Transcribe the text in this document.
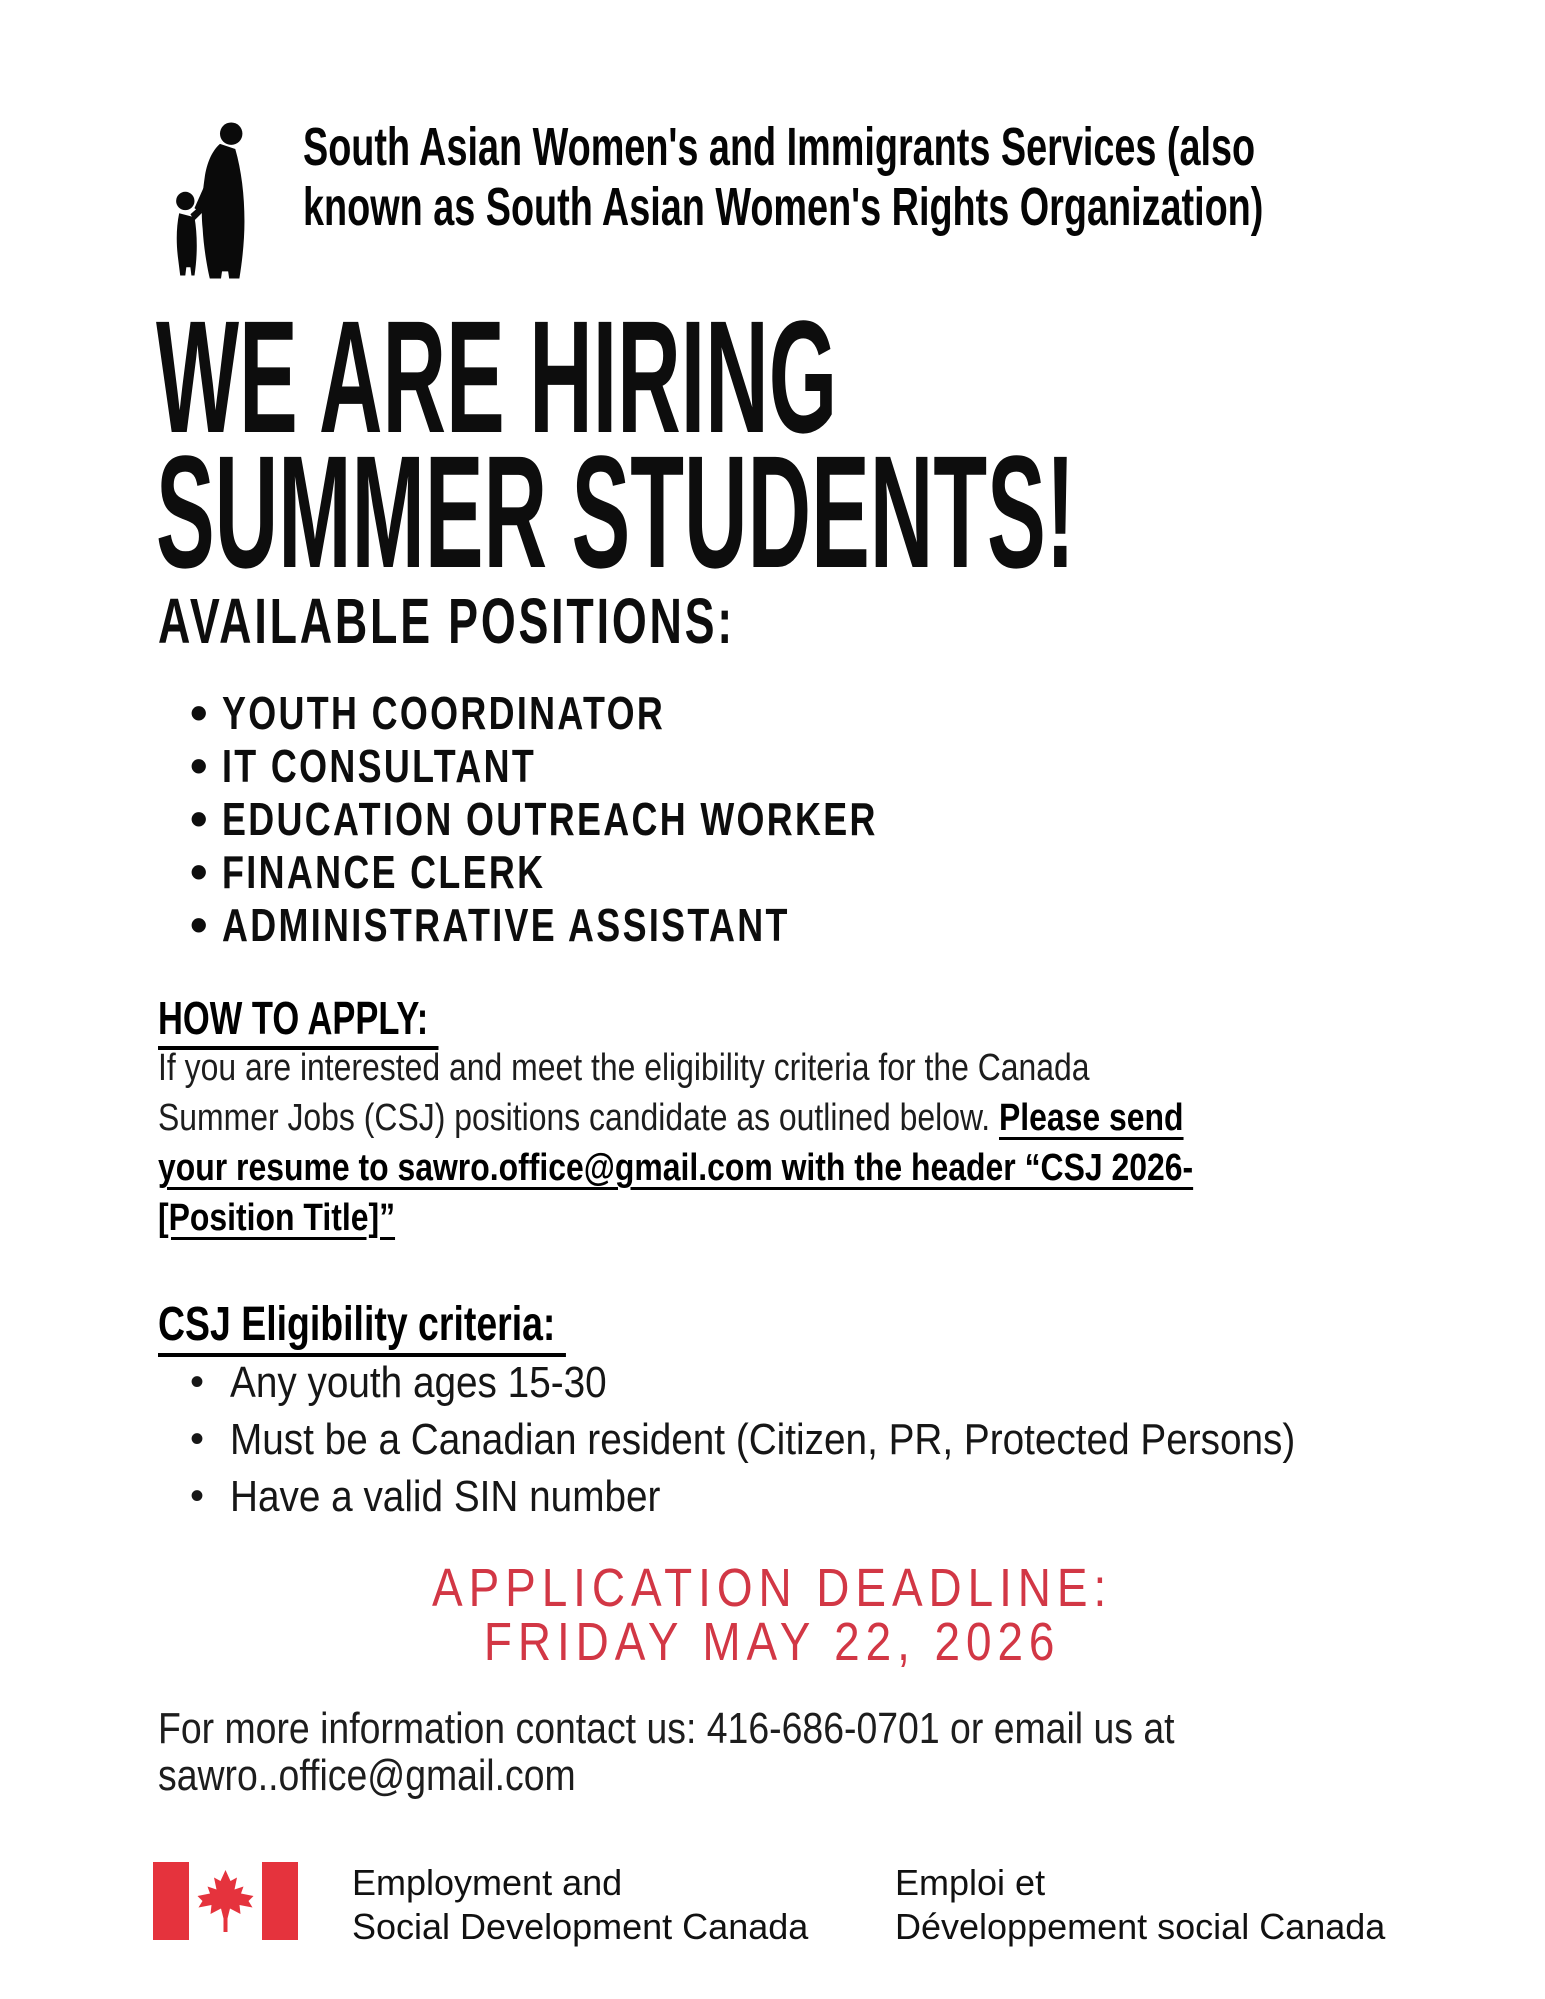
South Asian Women's and Immigrants Services (also
known as South Asian Women's Rights Organization)
WE ARE HIRING
SUMMER STUDENTS!
AVAILABLE POSITIONS:
• YOUTH COORDINATOR
• IT CONSULTANT
• EDUCATION OUTREACH WORKER
• FINANCE CLERK
• ADMINISTRATIVE ASSISTANT
HOW TO APPLY:
If you are interested and meet the eligibility criteria for the Canada
Summer Jobs (CSJ) positions candidate as outlined below. Please send
your resume to sawro.office@gmail.com with the header “CSJ 2026-
[Position Title]”
CSJ Eligibility criteria:
• Any youth ages 15-30
• Must be a Canadian resident (Citizen, PR, Protected Persons)
• Have a valid SIN number
APPLICATION DEADLINE:
FRIDAY MAY 22, 2026
For more information contact us: 416-686-0701 or email us at
sawro..office@gmail.com
Employment and
Social Development Canada
Emploi et
Développement social Canada
